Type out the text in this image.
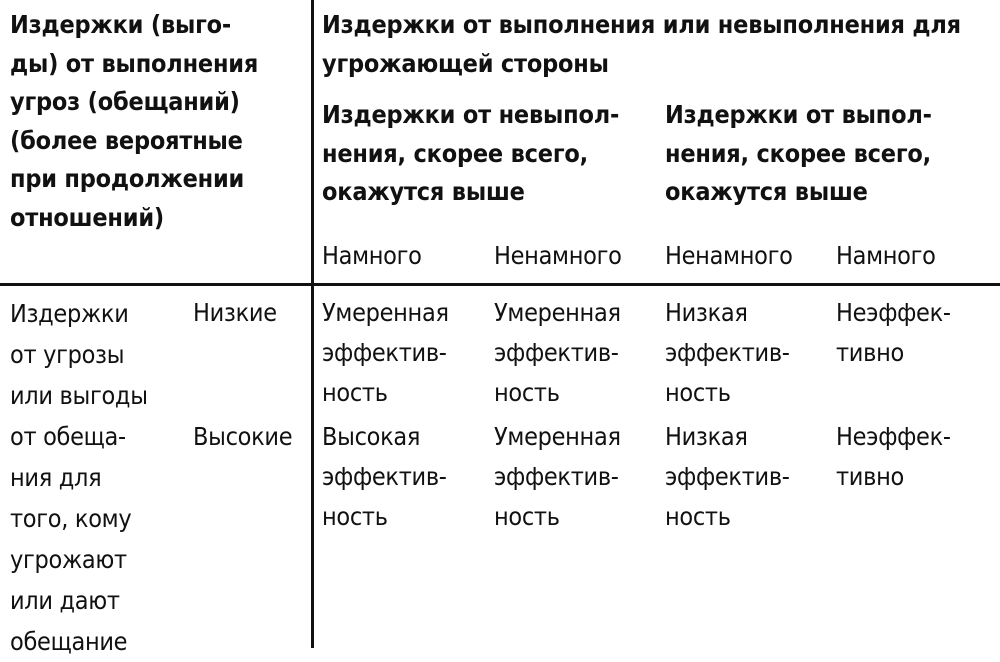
Издержки (выго-
ды) от выполнения
угроз (обещаний)
(более вероятные
при продолжении
отношений)

Издержки от выполнения или невыполнения для
угрожающей стороны

Издержки от невыпол-
нения, скорее всего,
окажутся выше

Издержки от выпол-
нения, скорее всего,
окажутся выше

Намного	Ненамного Ненамного Намного

Издержки
от угрозы
или выгоды
от обеща-
ния для
того, кому
угрожают
или дают
обещание

Низкие

Высокие

Умеренная
эффектив-
ность

Умеренная
эффектив-
ность

Низкая
эффектив-
ность

Неэффек-
тивно

Высокая
эффектив-
ность

Умеренная
эффектив-
ность

Низкая
эффектив-
ность

Неэффек-
тивно
